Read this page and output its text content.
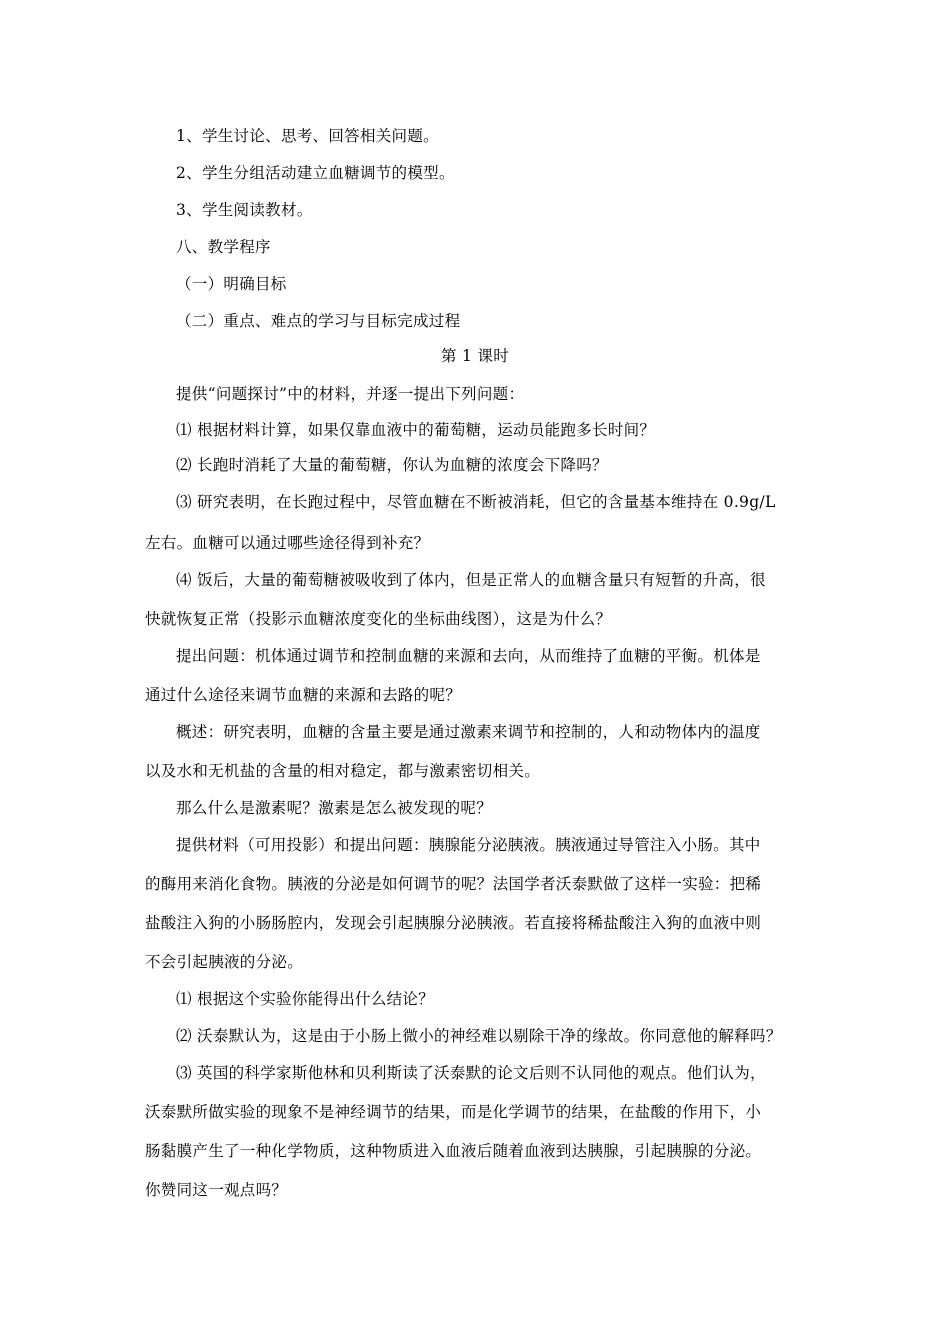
1、学生讨论、思考、回答相关问题。
2、学生分组活动建立血糖调节的模型。
3、学生阅读教材。
八、教学程序
（一）明确目标
（二）重点、难点的学习与目标完成过程
第 1 课时
提供“问题探讨”中的材料，并逐一提出下列问题：
⑴ 根据材料计算，如果仅靠血液中的葡萄糖，运动员能跑多长时间？
⑵ 长跑时消耗了大量的葡萄糖，你认为血糖的浓度会下降吗？
⑶ 研究表明，在长跑过程中，尽管血糖在不断被消耗，但它的含量基本维持在 0.9g/L
左右。血糖可以通过哪些途径得到补充？
⑷ 饭后，大量的葡萄糖被吸收到了体内，但是正常人的血糖含量只有短暂的升高，很
快就恢复正常（投影示血糖浓度变化的坐标曲线图），这是为什么？
提出问题：机体通过调节和控制血糖的来源和去向，从而维持了血糖的平衡。机体是
通过什么途径来调节血糖的来源和去路的呢？
概述：研究表明，血糖的含量主要是通过激素来调节和控制的，人和动物体内的温度
以及水和无机盐的含量的相对稳定，都与激素密切相关。
那么什么是激素呢？激素是怎么被发现的呢？
提供材料（可用投影）和提出问题：胰腺能分泌胰液。胰液通过导管注入小肠。其中
的酶用来消化食物。胰液的分泌是如何调节的呢？法国学者沃泰默做了这样一实验：把稀
盐酸注入狗的小肠肠腔内，发现会引起胰腺分泌胰液。若直接将稀盐酸注入狗的血液中则
不会引起胰液的分泌。
⑴ 根据这个实验你能得出什么结论？
⑵ 沃泰默认为，这是由于小肠上微小的神经难以剔除干净的缘故。你同意他的解释吗？
⑶ 英国的科学家斯他林和贝利斯读了沃泰默的论文后则不认同他的观点。他们认为，
沃泰默所做实验的现象不是神经调节的结果，而是化学调节的结果，在盐酸的作用下，小
肠黏膜产生了一种化学物质，这种物质进入血液后随着血液到达胰腺，引起胰腺的分泌。
你赞同这一观点吗？
